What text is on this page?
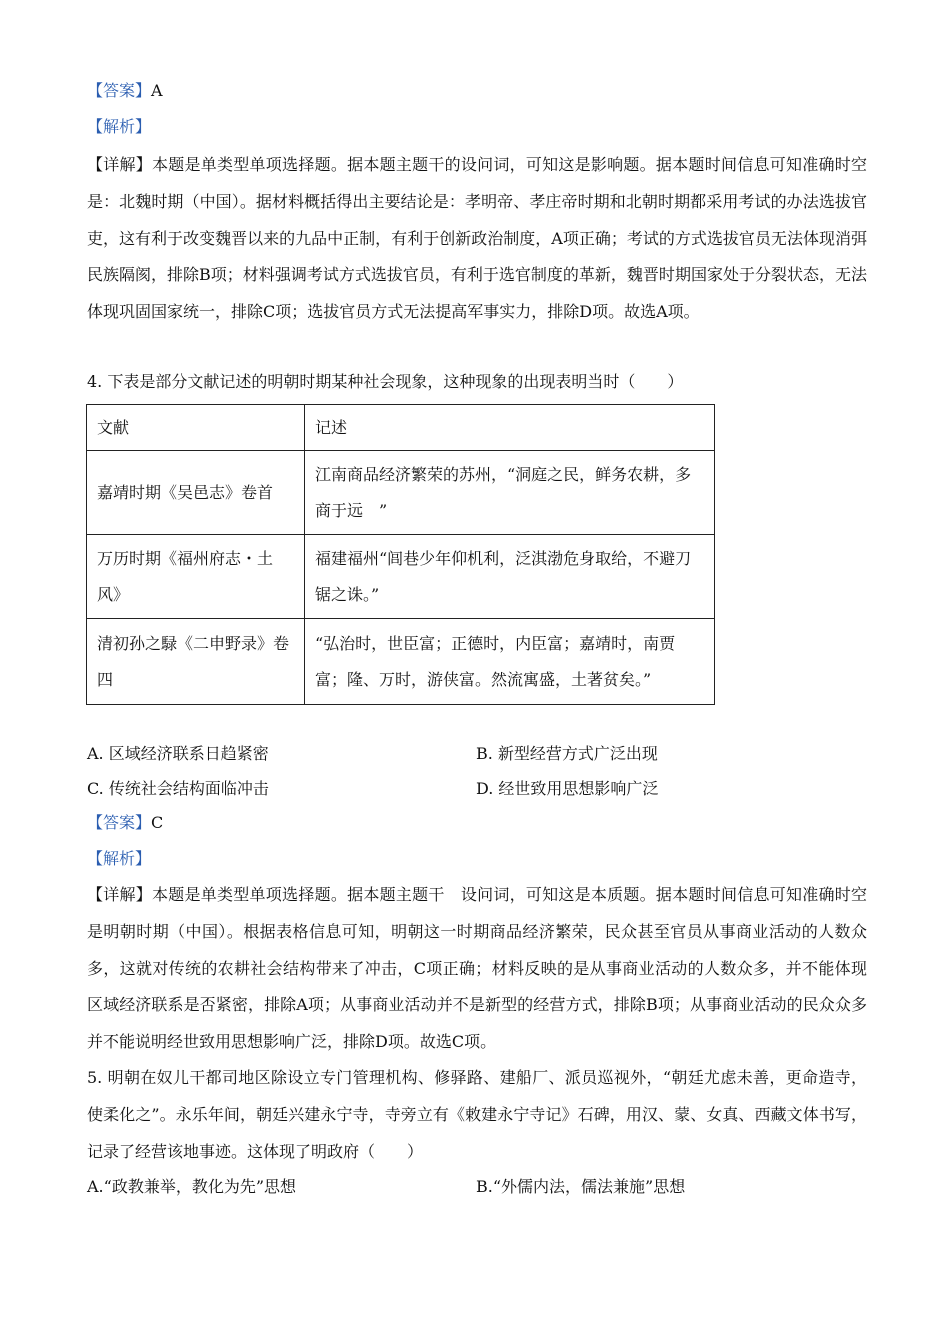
【答案】A
【解析】
【详解】本题是单类型单项选择题。据本题主题干的设问词，可知这是影响题。据本题时间信息可知准确时空是：北魏时期（中国）。据材料概括得出主要结论是：孝明帝、孝庄帝时期和北朝时期都采用考试的办法选拔官吏，这有利于改变魏晋以来的九品中正制，有利于创新政治制度，A项正确；考试的方式选拔官员无法体现消弭民族隔阂，排除B项；材料强调考试方式选拔官员，有利于选官制度的革新，魏晋时期国家处于分裂状态，无法体现巩固国家统一，排除C项；选拔官员方式无法提高军事实力，排除D项。故选A项。
4. 下表是部分文献记述的明朝时期某种社会现象，这种现象的出现表明当时（　　）
文献	记述
嘉靖时期《吴邑志》卷首	江南商品经济繁荣的苏州，“洞庭之民，鲜务农耕，多商于远　”
万历时期《福州府志・土风》	福建福州“闾巷少年仰机利，泛淇渤危身取给，不避刀锯之诛。”
清初孙之騄《二申野录》卷四	“弘治时，世臣富；正德时，内臣富；嘉靖时，南贾富；隆、万时，游侠富。然流寓盛，土著贫矣。”
A. 区域经济联系日趋紧密	B. 新型经营方式广泛出现
C. 传统社会结构面临冲击	D. 经世致用思想影响广泛
【答案】C
【解析】
【详解】本题是单类型单项选择题。据本题主题干　设问词，可知这是本质题。据本题时间信息可知准确时空是明朝时期（中国）。根据表格信息可知，明朝这一时期商品经济繁荣，民众甚至官员从事商业活动的人数众多，这就对传统的农耕社会结构带来了冲击，C项正确；材料反映的是从事商业活动的人数众多，并不能体现区域经济联系是否紧密，排除A项；从事商业活动并不是新型的经营方式，排除B项；从事商业活动的民众众多并不能说明经世致用思想影响广泛，排除D项。故选C项。
5. 明朝在奴儿干都司地区除设立专门管理机构、修驿路、建船厂、派员巡视外，“朝廷尤虑未善，更命造寺，使柔化之”。永乐年间，朝廷兴建永宁寺，寺旁立有《敕建永宁寺记》石碑，用汉、蒙、女真、西藏文体书写，记录了经营该地事迹。这体现了明政府（　　）
A.“政教兼举，教化为先”思想	B.“外儒内法，儒法兼施”思想
